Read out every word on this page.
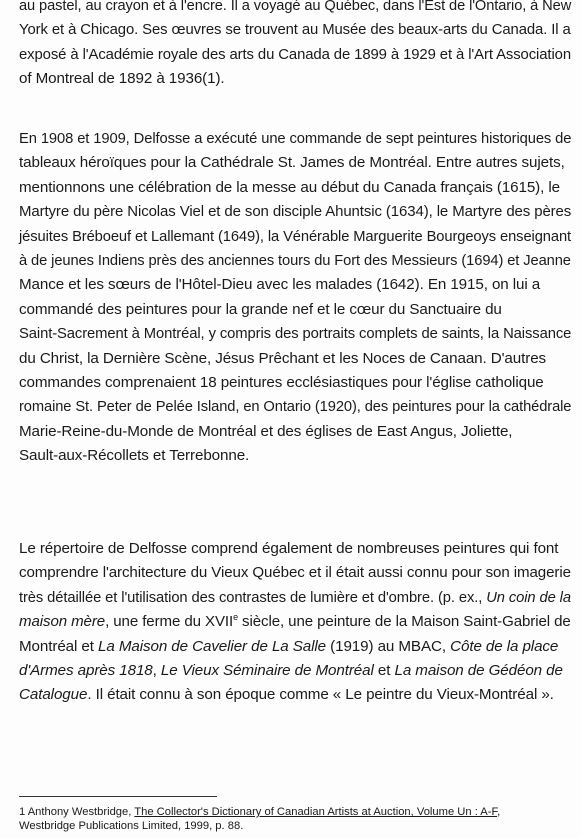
au pastel, au crayon et à l'encre. Il a voyagé au Québec, dans l'Est de l'Ontario, à New
York et à Chicago. Ses œuvres se trouvent au Musée des beaux-arts du Canada. Il a
exposé à l'Académie royale des arts du Canada de 1899 à 1929 et à l'Art Association
of Montreal de 1892 à 1936(1).

En 1908 et 1909, Delfosse a exécuté une commande de sept peintures historiques de
tableaux héroïques pour la Cathédrale St. James de Montréal. Entre autres sujets,
mentionnons une célébration de la messe au début du Canada français (1615), le
Martyre du père Nicolas Viel et de son disciple Ahuntsic (1634), le Martyre des pères
jésuites Bréboeuf et Lallemant (1649), la Vénérable Marguerite Bourgeoys enseignant
à de jeunes Indiens près des anciennes tours du Fort des Messieurs (1694) et Jeanne
Mance et les sœurs de l'Hôtel-Dieu avec les malades (1642). En 1915, on lui a
commandé des peintures pour la grande nef et le cœur du Sanctuaire du
Saint-Sacrement à Montréal, y compris des portraits complets de saints, la Naissance
du Christ, la Dernière Scène, Jésus Prêchant et les Noces de Canaan. D'autres
commandes comprenaient 18 peintures ecclésiastiques pour l'église catholique
romaine St. Peter de Pelée Island, en Ontario (1920), des peintures pour la cathédrale
Marie-Reine-du-Monde de Montréal et des églises de East Angus, Joliette,
Sault-aux-Récollets et Terrebonne.

Le répertoire de Delfosse comprend également de nombreuses peintures qui font
comprendre l'architecture du Vieux Québec et il était aussi connu pour son imagerie
très détaillée et l'utilisation des contrastes de lumière et d'ombre. (p. ex., Un coin de la
maison mère, une ferme du XVIIe siècle, une peinture de la Maison Saint-Gabriel de
Montréal et La Maison de Cavelier de La Salle (1919) au MBAC, Côte de la place
d'Armes après 1818, Le Vieux Séminaire de Montréal et La maison de Gédéon de
Catalogue. Il était connu à son époque comme « Le peintre du Vieux-Montréal ».

1 Anthony Westbridge, The Collector's Dictionary of Canadian Artists at Auction, Volume Un : A-F,
Westbridge Publications Limited, 1999, p. 88.
